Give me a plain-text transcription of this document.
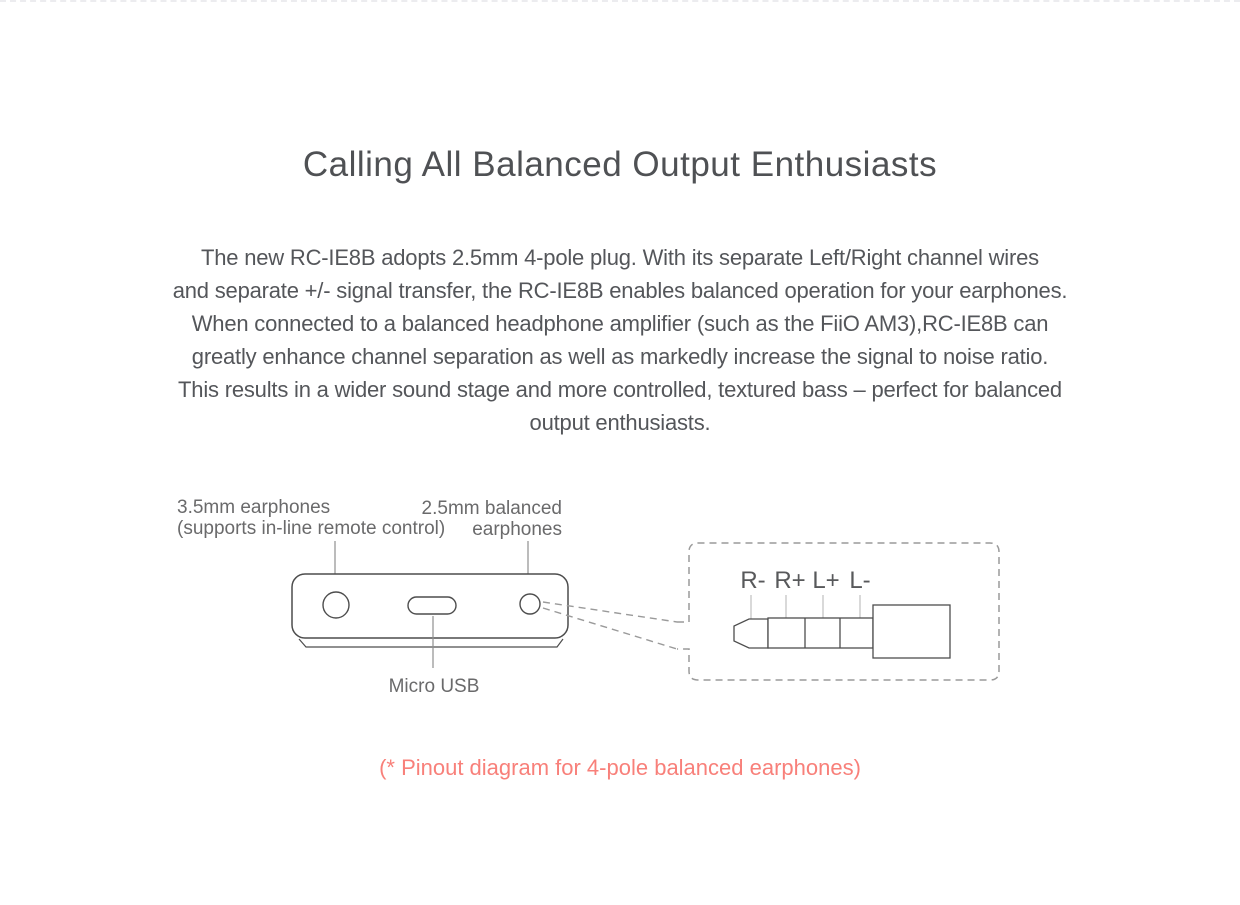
Calling All Balanced Output Enthusiasts
The new RC-IE8B adopts 2.5mm 4-pole plug. With its separate Left/Right channel wires
and separate +/- signal transfer, the RC-IE8B enables balanced operation for your earphones.
When connected to a balanced headphone amplifier (such as the FiiO AM3),RC-IE8B can
greatly enhance channel separation as well as markedly increase the signal to noise ratio.
This results in a wider sound stage and more controlled, textured bass – perfect for balanced
output enthusiasts.
3.5mm earphones
(supports in-line remote control)
2.5mm balanced
earphones
Micro USB
R- R+ L+ L-
(* Pinout diagram for 4-pole balanced earphones)
